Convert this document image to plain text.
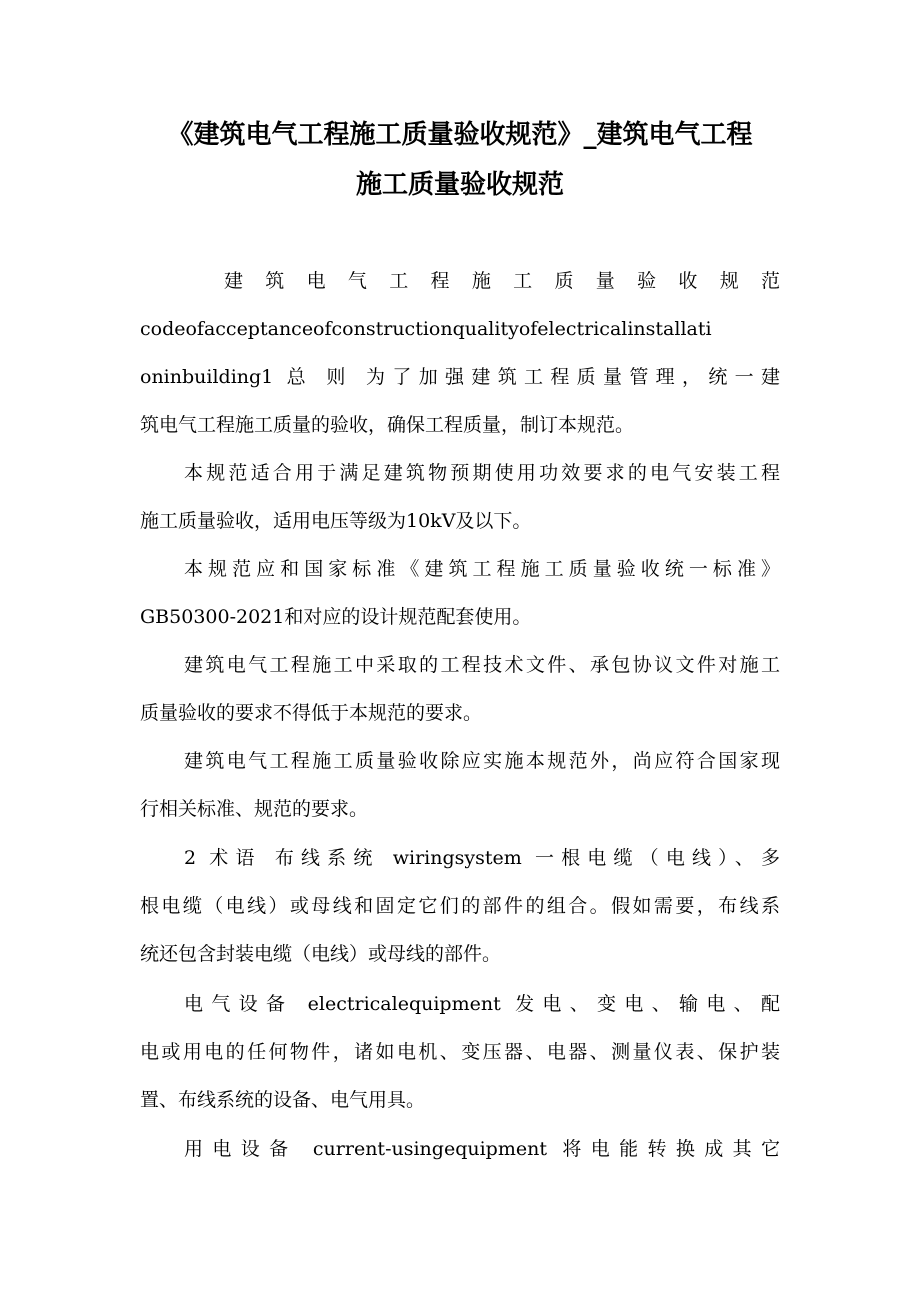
《建筑电气工程施工质量验收规范》_建筑电气工程
施工质量验收规范
建 筑 电 气 工 程 施 工 质 量 验 收 规 范
codeofacceptanceofconstructionqualityofelectricalinstallati
oninbuilding1 总 则 为了加强建筑工程质量管理，统一建
筑电气工程施工质量的验收，确保工程质量，制订本规范。
本规范适合用于满足建筑物预期使用功效要求的电气安装工程
施工质量验收，适用电压等级为10kV及以下。
本规范应和国家标准《建筑工程施工质量验收统一标准》
GB50300-2021和对应的设计规范配套使用。
建筑电气工程施工中采取的工程技术文件、承包协议文件对施工
质量验收的要求不得低于本规范的要求。
建筑电气工程施工质量验收除应实施本规范外，尚应符合国家现
行相关标准、规范的要求。
2 术语 布线系统 wiringsystem 一根电缆（电线）、多
根电缆（电线）或母线和固定它们的部件的组合。假如需要，布线系
统还包含封装电缆（电线）或母线的部件。
电气设备 electricalequipment 发电、变电、输电、配
电或用电的任何物件，诸如电机、变压器、电器、测量仪表、保护装
置、布线系统的设备、电气用具。
用电设备 current-usingequipment 将电能转换成其它
